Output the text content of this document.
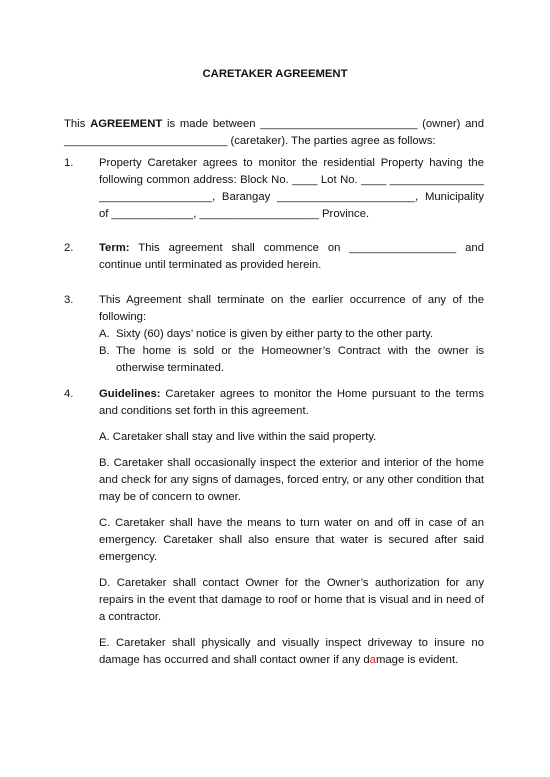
CARETAKER AGREEMENT
This AGREEMENT is made between _________________________ (owner) and __________________________ (caretaker). The parties agree as follows:
1.	Property Caretaker agrees to monitor the residential Property having the following common address: Block No. ____ Lot No. ____ _______________ __________________, Barangay ______________________, Municipality of _____________, ___________________ Province.
2.	Term: This agreement shall commence on _________________ and continue until terminated as provided herein.
3.	This Agreement shall terminate on the earlier occurrence of any of the following:
A. Sixty (60) days’ notice is given by either party to the other party.
B. The home is sold or the Homeowner’s Contract with the owner is otherwise terminated.
4.	Guidelines: Caretaker agrees to monitor the Home pursuant to the terms and conditions set forth in this agreement.
A. Caretaker shall stay and live within the said property.
B. Caretaker shall occasionally inspect the exterior and interior of the home and check for any signs of damages, forced entry, or any other condition that may be of concern to owner.
C. Caretaker shall have the means to turn water on and off in case of an emergency. Caretaker shall also ensure that water is secured after said emergency.
D. Caretaker shall contact Owner for the Owner’s authorization for any repairs in the event that damage to roof or home that is visual and in need of a contractor.
E. Caretaker shall physically and visually inspect driveway to insure no damage has occurred and shall contact owner if any damage is evident.
